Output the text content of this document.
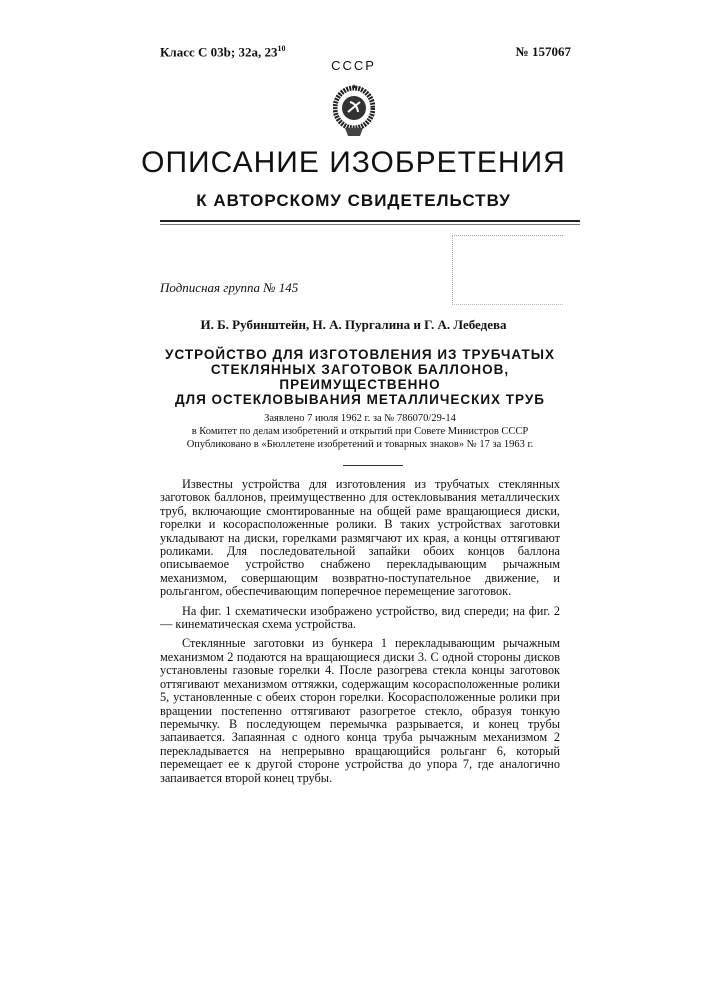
Класс C 03b; 32a, 2310	№ 157067
СССР
ОПИСАНИЕ ИЗОБРЕТЕНИЯ
К АВТОРСКОМУ СВИДЕТЕЛЬСТВУ
Подписная группа № 145
И. Б. Рубинштейн, Н. А. Пургалина и Г. А. Лебедева
УСТРОЙСТВО ДЛЯ ИЗГОТОВЛЕНИЯ ИЗ ТРУБЧАТЫХ
СТЕКЛЯННЫХ ЗАГОТОВОК БАЛЛОНОВ, ПРЕИМУЩЕСТВЕННО
ДЛЯ ОСТЕКЛОВЫВАНИЯ МЕТАЛЛИЧЕСКИХ ТРУБ
Заявлено 7 июля 1962 г. за № 786070/29-14
в Комитет по делам изобретений и открытий при Совете Министров СССР
Опубликовано в «Бюллетене изобретений и товарных знаков» № 17 за 1963 г.

Известны устройства для изготовления из трубчатых стеклянных заготовок баллонов, преимущественно для остекловывания металлических труб, включающие смонтированные на общей раме вращающиеся диски, горелки и косорасположенные ролики. В таких устройствах заготовки укладывают на диски, горелками размягчают их края, а концы оттягивают роликами. Для последовательной запайки обоих концов баллона описываемое устройство снабжено перекладывающим рычажным механизмом, совершающим возвратно-поступательное движение, и рольгангом, обеспечивающим поперечное перемещение заготовок.

На фиг. 1 схематически изображено устройство, вид спереди; на фиг. 2 — кинематическая схема устройства.

Стеклянные заготовки из бункера 1 перекладывающим рычажным механизмом 2 подаются на вращающиеся диски 3. С одной стороны дисков установлены газовые горелки 4. После разогрева стекла концы заготовок оттягивают механизмом оттяжки, содержащим косорасположенные ролики 5, установленные с обеих сторон горелки. Косорасположенные ролики при вращении постепенно оттягивают разогретое стекло, образуя тонкую перемычку. В последующем перемычка разрывается, и конец трубы запаивается. Запаянная с одного конца труба рычажным механизмом 2 перекладывается на непрерывно вращающийся рольганг 6, который перемещает ее к другой стороне устройства до упора 7, где аналогично запаивается второй конец трубы.
